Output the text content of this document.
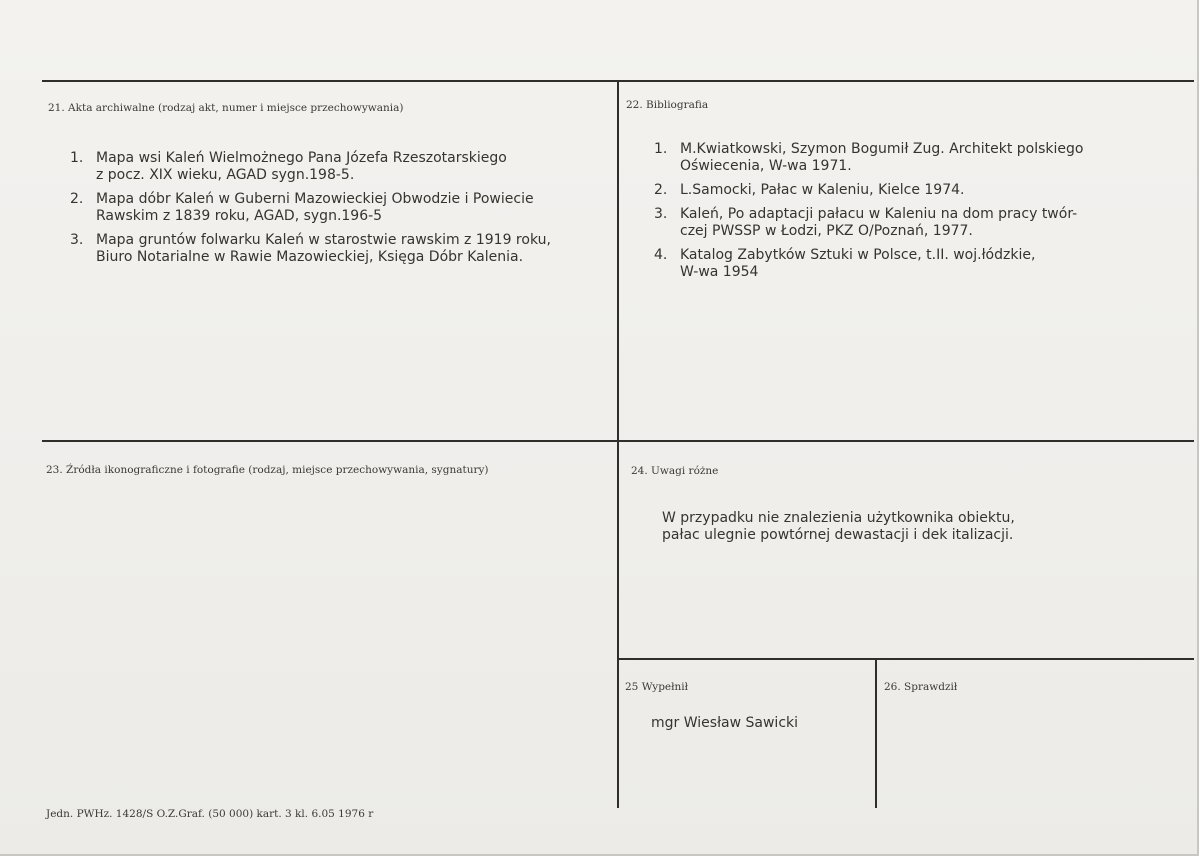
21. Akta archiwalne (rodzaj akt, numer i miejsce przechowywania)
1. Mapa wsi Kaleń Wielmożnego Pana Józefa Rzeszotarskiego
z pocz. XIX wieku, AGAD sygn.198-5.
2. Mapa dóbr Kaleń w Guberni Mazowieckiej Obwodzie i Powiecie
Rawskim z 1839 roku, AGAD, sygn.196-5
3. Mapa gruntów folwarku Kaleń w starostwie rawskim z 1919 roku,
Biuro Notarialne w Rawie Mazowieckiej, Księga Dóbr Kalenia.
22. Bibliografia
1. M.Kwiatkowski, Szymon Bogumił Zug. Architekt polskiego
Oświecenia, W-wa 1971.
2. L.Samocki, Pałac w Kaleniu, Kielce 1974.
3. Kaleń, Po adaptacji pałacu w Kaleniu na dom pracy twór-
czej PWSSP w Łodzi, PKZ O/Poznań, 1977.
4. Katalog Zabytków Sztuki w Polsce, t.II. woj.łódzkie,
W-wa 1954
23. Źródła ikonograficzne i fotografie (rodzaj, miejsce przechowywania, sygnatury)	24. Uwagi różne
W przypadku nie znalezienia użytkownika obiektu,
pałac ulegnie powtórnej dewastacji i dek italizacji.
25 Wypełnił
mgr Wiesław Sawicki
26. Sprawdził
Jedn. PWHz. 1428/S O.Z.Graf. (50 000) kart. 3 kl. 6.05 1976 r
